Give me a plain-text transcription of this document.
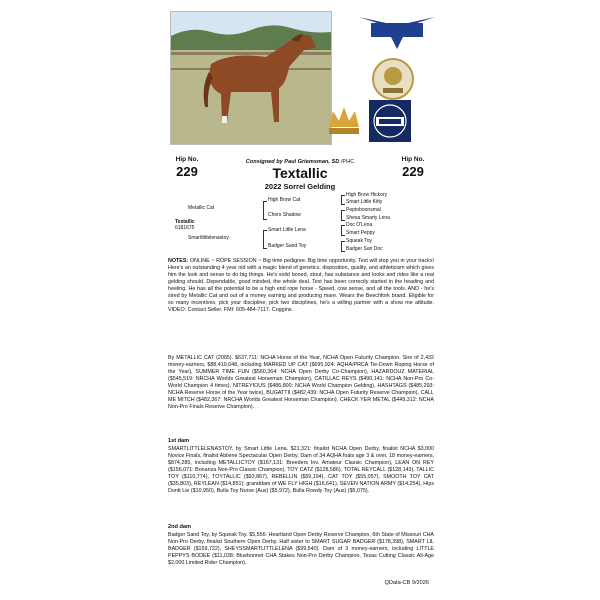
Hip No.
229
Hip No.
229
Consigned by Paul Griemsman, SD /PHC
Textallic
2022 Sorrel Gelding
Textallic
6181675
Metallic Cat
Smartlittlelenastoy
High Brow Cat
Chers Shadow
Smart Little Lena
Badger Sand Toy
High Brow Hickory
Smart Little Kitty
Peptoboonsmal
Shesa Smarty Lena
Doc O'Lena
Smart Peppy
Squeak Toy
Badger San Doc
NOTES: ONLINE ~ ROPE SESSION ~ Big time pedigree. Big time opportunity. Text will stop you in your tracks! Here's an outstanding 4 year old with a magic blend of genetics, disposition, quality, and athleticism which gives him the look and sense to do big things. He's solid boned, stout, has substance and looks and rides like a real gelding should. Dependable, good minded, the whole deal. Text has been correctly started in the heading and heeling. He has all the potential to be a high end rope horse - Speed, cow sense, and all the tools. AND - he's sired by Metallic Cat and out of a money earning and producing mare. Wears the Beechfork brand. Eligible for so many incentives, pick your discipline, pick two disciplines, he's a willing partner with a show me attitude. VIDEO: Contact Seller. FMI: 605-484-7117. Coggins.
By METALLIC CAT (2005). $637,711: NCHA Horse of the Year, NCHA Open Futurity Champion. Sire of 2,432 money-earners, $88,419,648, including MARKED UP CAT ($695,924: AQHA/PRCA Tie-Down Roping Horse of the Year), SUMMER TIME FUN ($560,364: NCHA Open Derby Co-Champion), HAZARDOUZ MATERIAL ($545,519: NRCHA Worlds Greatest Horseman Champion), CATILLAC REYS ($490,141: NCHA Non-Pro Co-World Champion 4 times), NITREYIOUS ($486,800: NCHA World Champion Gelding), HASHTAGS ($485,293: NCHA Reserve Horse of the Year twice), BUGATTII ($482,439: NCHA Open Futurity Reserve Champion), CALL ME MITCH ($482,367: NRCHA Worlds Greatest Horseman Champion), CHECK YER METAL ($449,312: NCHA Non-Pro Finals Reserve Champion).
1st dam
SMARTLITTLELENASTOY, by Smart Little Lena. $21,321: finalist NCHA Open Derby, finalist NCHA $3,000 Novice Finals, finalist Abilene Spectacular Open Derby. Dam of 34 AQHA foals age 3 & over, 18 money-earners, $874,285, including METALLICTOY ($167,131: Breeders Inv. Amateur Classic Champion), LEAN ON REY ($156,071: Bonanza Non-Pro Classic Champion), TOY CATZ ($128,586), TOTAL REYCALL ($128,143), TALLIC TOY ($110,774), TOYTALLIC ($93,867), REBELLIN ($59,194), CAT TOY ($55,057), SMOOTH TOY CAT ($35,803), REYLEAN ($14,851); granddam of WE FLY HIGH ($16,641), SEVEN NATION ARMY ($14,254), Hips Dontt Lie ($10,950), Bulla Toy Nurse (Aus) ($5,972), Bulla Rowdy Toy (Aus) ($5,075).
2nd dam
Badger Sand Toy, by Squeak Toy. $5,556: Heartland Open Derby Reserve Champion, 6th State of Missouri CHA Non-Pro Derby, finalist Southern Open Derby. Half sister to SMART SUGAR BADGER ($178,398), SMART LIL BADGER ($159,722), SHEYSSMARTLITTLELENA ($99,540). Dam of 3 money-earners, including LITTLE PEPPYS BODEE ($11,038: Bluebonnet CHA Stakes Non-Pro Derby Champion, Texas Cutting Classic All-Age $2,000 Limited Rider Champion).
QData-CB 9/2026
